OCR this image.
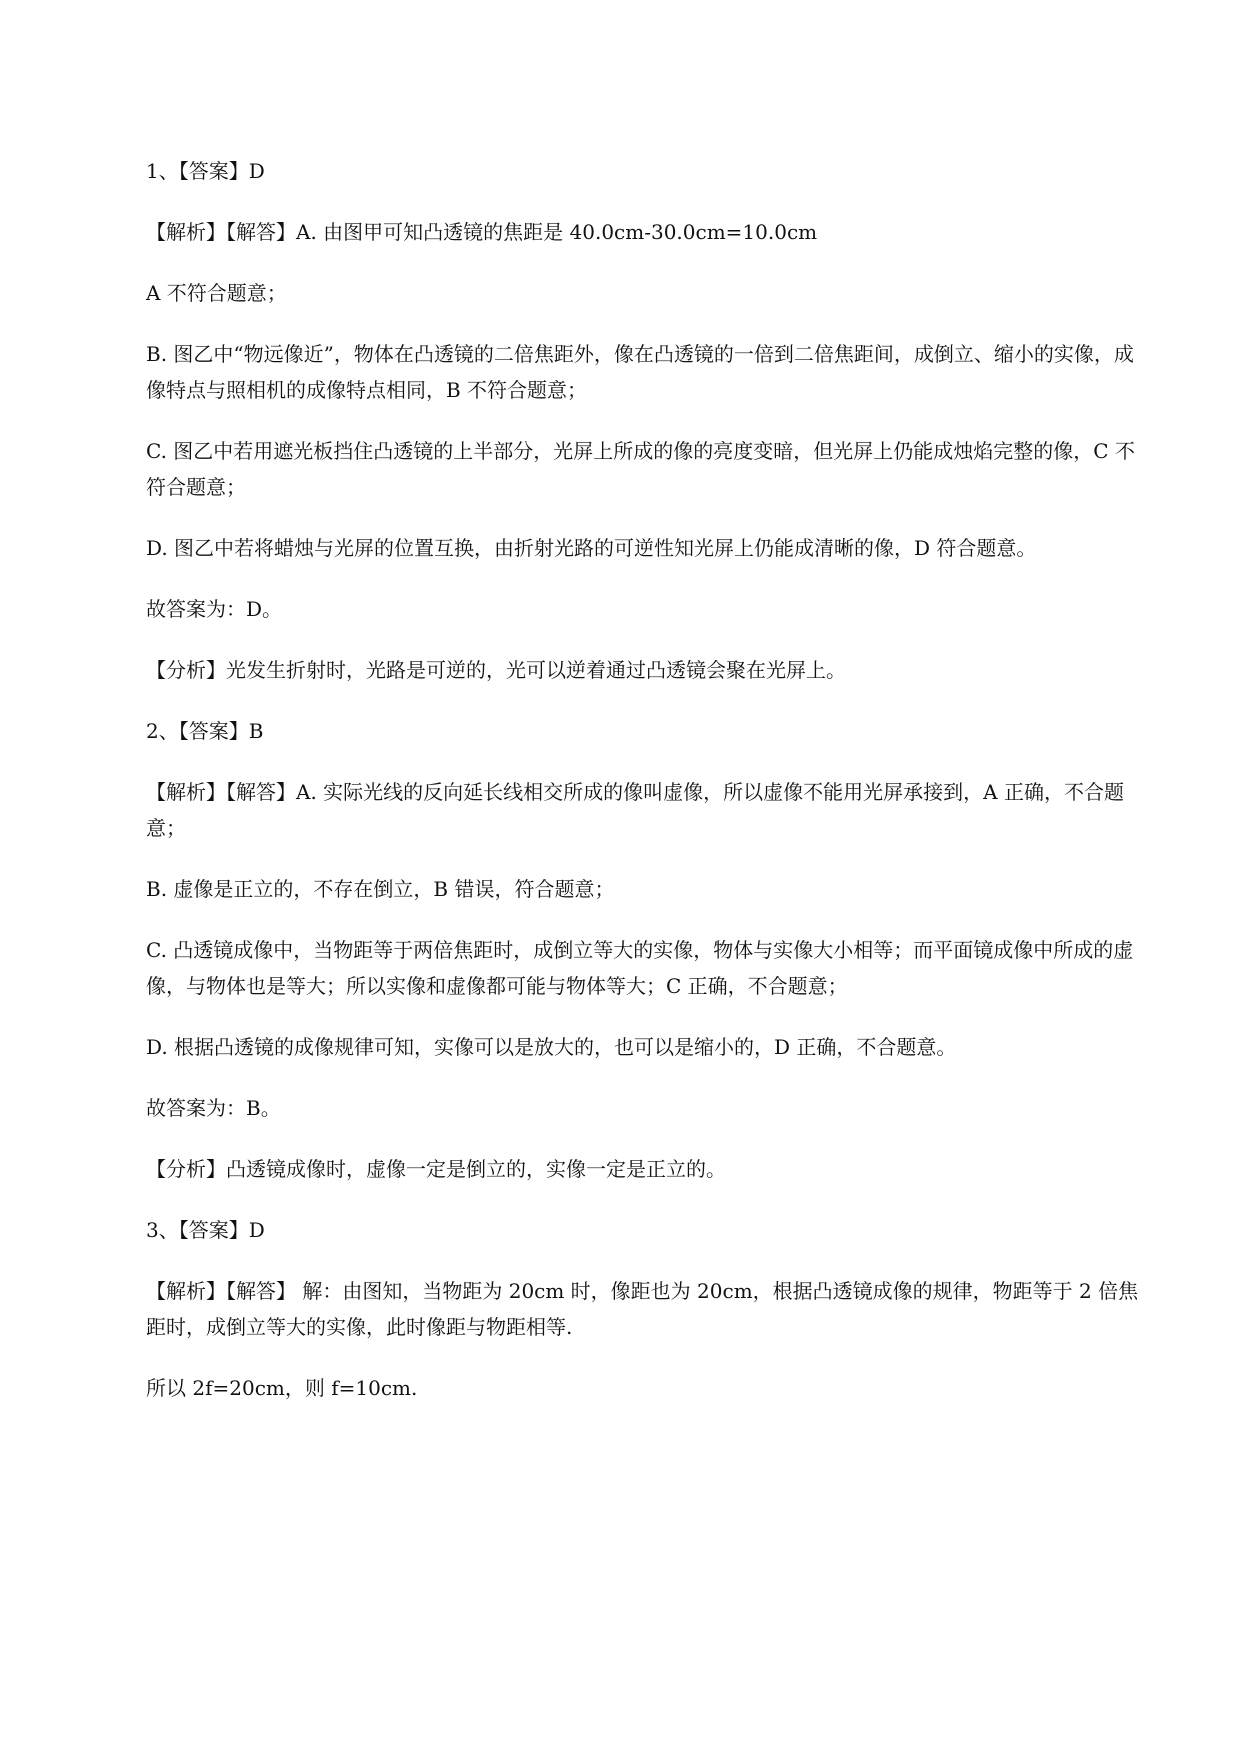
1、【答案】D

【解析】【解答】A. 由图甲可知凸透镜的焦距是 40.0cm-30.0cm=10.0cm

A 不符合题意；

B. 图乙中“物远像近”，物体在凸透镜的二倍焦距外，像在凸透镜的一倍到二倍焦距间，成倒立、缩小的实像，成像特点与照相机的成像特点相同，B 不符合题意；

C. 图乙中若用遮光板挡住凸透镜的上半部分，光屏上所成的像的亮度变暗，但光屏上仍能成烛焰完整的像，C 不符合题意；

D. 图乙中若将蜡烛与光屏的位置互换，由折射光路的可逆性知光屏上仍能成清晰的像，D 符合题意。

故答案为：D。

【分析】光发生折射时，光路是可逆的，光可以逆着通过凸透镜会聚在光屏上。

2、【答案】B

【解析】【解答】A. 实际光线的反向延长线相交所成的像叫虚像，所以虚像不能用光屏承接到，A 正确，不合题意；

B. 虚像是正立的，不存在倒立，B 错误，符合题意；

C. 凸透镜成像中，当物距等于两倍焦距时，成倒立等大的实像，物体与实像大小相等；而平面镜成像中所成的虚像，与物体也是等大；所以实像和虚像都可能与物体等大；C 正确，不合题意；

D. 根据凸透镜的成像规律可知，实像可以是放大的，也可以是缩小的，D 正确，不合题意。

故答案为：B。

【分析】凸透镜成像时，虚像一定是倒立的，实像一定是正立的。

3、【答案】D

【解析】【解答】 解：由图知，当物距为 20cm 时，像距也为 20cm，根据凸透镜成像的规律，物距等于 2 倍焦距时，成倒立等大的实像，此时像距与物距相等.

所以 2f=20cm，则 f=10cm.
